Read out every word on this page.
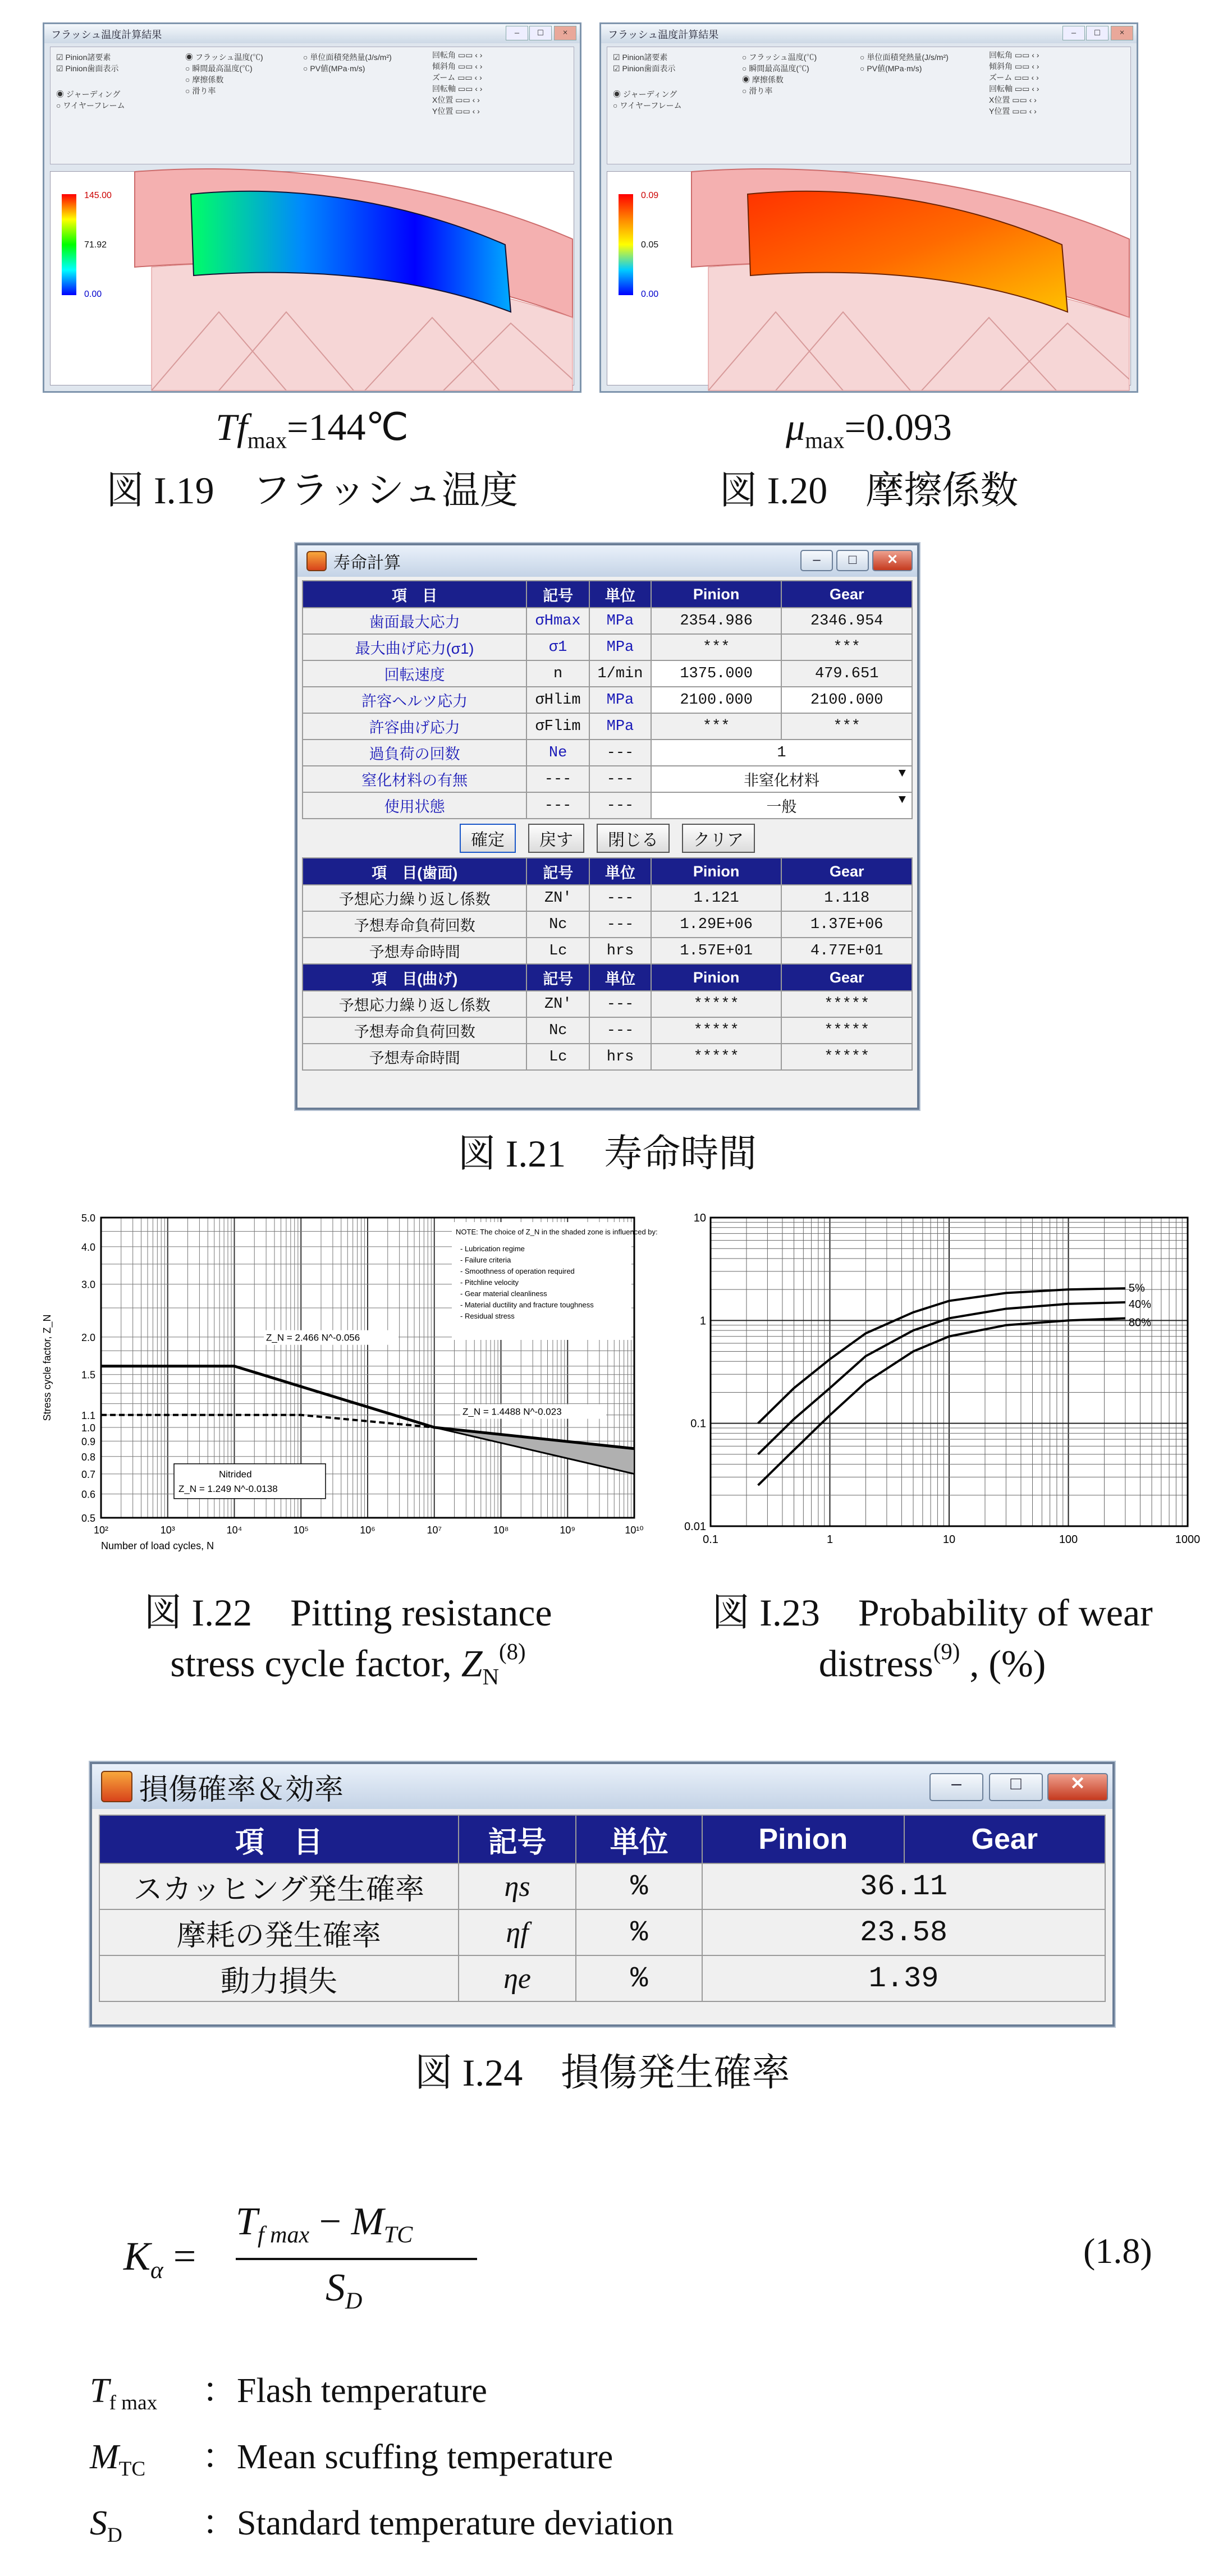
フラッシュ温度計算結果	–	□	×
☑ Pinion諸要素
☑ Pinion歯面表示
◉ ジャーディング
○ ワイヤーフレーム
◉ フラッシュ温度(℃)
○ 瞬間最高温度(℃)
○ 摩擦係数
○ 滑り率
○ 単位面積発熱量(J/s/m²)
○ PV値(MPa·m/s)
回転角 ▭▭ ‹ ›
傾斜角 ▭▭ ‹ ›
ズーム ▭▭ ‹ ›
回転軸 ▭▭ ‹ ›
X位置 ▭▭ ‹ ›
Y位置 ▭▭ ‹ ›
145.00
71.92
0.00
$Tf_{max}=144℃$
図 I.19　 フラッシュ温度
フラッシュ温度計算結果	–	□	×
☑ Pinion諸要素
☑ Pinion歯面表示
◉ ジャーディング
○ ワイヤーフレーム
○ フラッシュ温度(℃)
○ 瞬間最高温度(℃)
◉ 摩擦係数
○ 滑り率
○ 単位面積発熱量(J/s/m²)
○ PV値(MPa·m/s)
回転角 ▭▭ ‹ ›
傾斜角 ▭▭ ‹ ›
ズーム ▭▭ ‹ ›
回転軸 ▭▭ ‹ ›
X位置 ▭▭ ‹ ›
Y位置 ▭▭ ‹ ›
0.09
0.05
0.00
$\mu_{max}=0.093$
図 I.20　 摩擦係数
寿命計算	–	□	✕
項　目	記号	単位	Pinion	Gear
歯面最大応力	σHmax	MPa	2354.986	2346.954
最大曲げ応力(σ1)	σ1	MPa	***	***
回転速度	n	1/min	1375.000	479.651
許容ヘルツ応力	σHlim	MPa	2100.000	2100.000
許容曲げ応力	σFlim	MPa	***	***
過負荷の回数	Ne	---	1	
窒化材料の有無	---	---	非窒化材料 ▼	

使用状態	---	---	一般 ▼	
確定	戻す	閉じる	クリア
項　目(歯面)	記号	単位	Pinion	Gear
予想応力繰り返し係数	ZN'	---	1.121	1.118
予想寿命負荷回数	Nc	---	1.29E+06	1.37E+06
予想寿命時間	Lc	hrs	1.57E+01	4.77E+01
項　目(曲げ)	記号	単位	Pinion	Gear
予想応力繰り返し係数	ZN'	---	*****	*****
予想寿命負荷回数	Nc	---	*****	*****
予想寿命時間	Lc	hrs	*****	*****
図 I.21　 寿命時間
NOTE: The choice of Z_N in the shaded zone is influenced by:
- Lubrication regime
- Failure criteria
- Smoothness of operation required
- Pitchline velocity
- Gear material cleanliness
- Material ductility and fracture toughness
- Residual stress
Z_N = 2.466 N^-0.056
Z_N = 1.4488 N^-0.023
Nitrided
Z_N = 1.249 N^-0.0138
5.0
4.0
3.0
2.0
1.5
1.1
1.0
0.9
0.8
0.7
0.6
0.5
10²	10³	10⁴	10⁵	10⁶	10⁷	10⁸	10⁹	10¹⁰
Number of load cycles, N
Stress cycle factor, Z_N
図 I.22　 Pitting resistance
stress cycle factor, $Z_N^{(8)}$
5%
40%
80%
0.1	1	10	100	1000
0.01
0.1
1
10
図 I.23　 Probability of wear
distress$^{(9)}$ , (%)
損傷確率＆効率	–	□	✕
項　目	記号	単位	Pinion	Gear
スカッヒング発生確率	ηs	%	36.11	
摩耗の発生確率	ηf	%	23.58	
動力損失	ηe	%	1.39	
図 I.24　 損傷発生確率
$K_\alpha$ =
$T_{f max} - M_{TC}$
$S_D$
(1.8)
$T_{f max}$ ：Flash temperature
$M_{TC}$ ：Mean scuffing temperature
$S_D$ ：Standard temperature deviation
